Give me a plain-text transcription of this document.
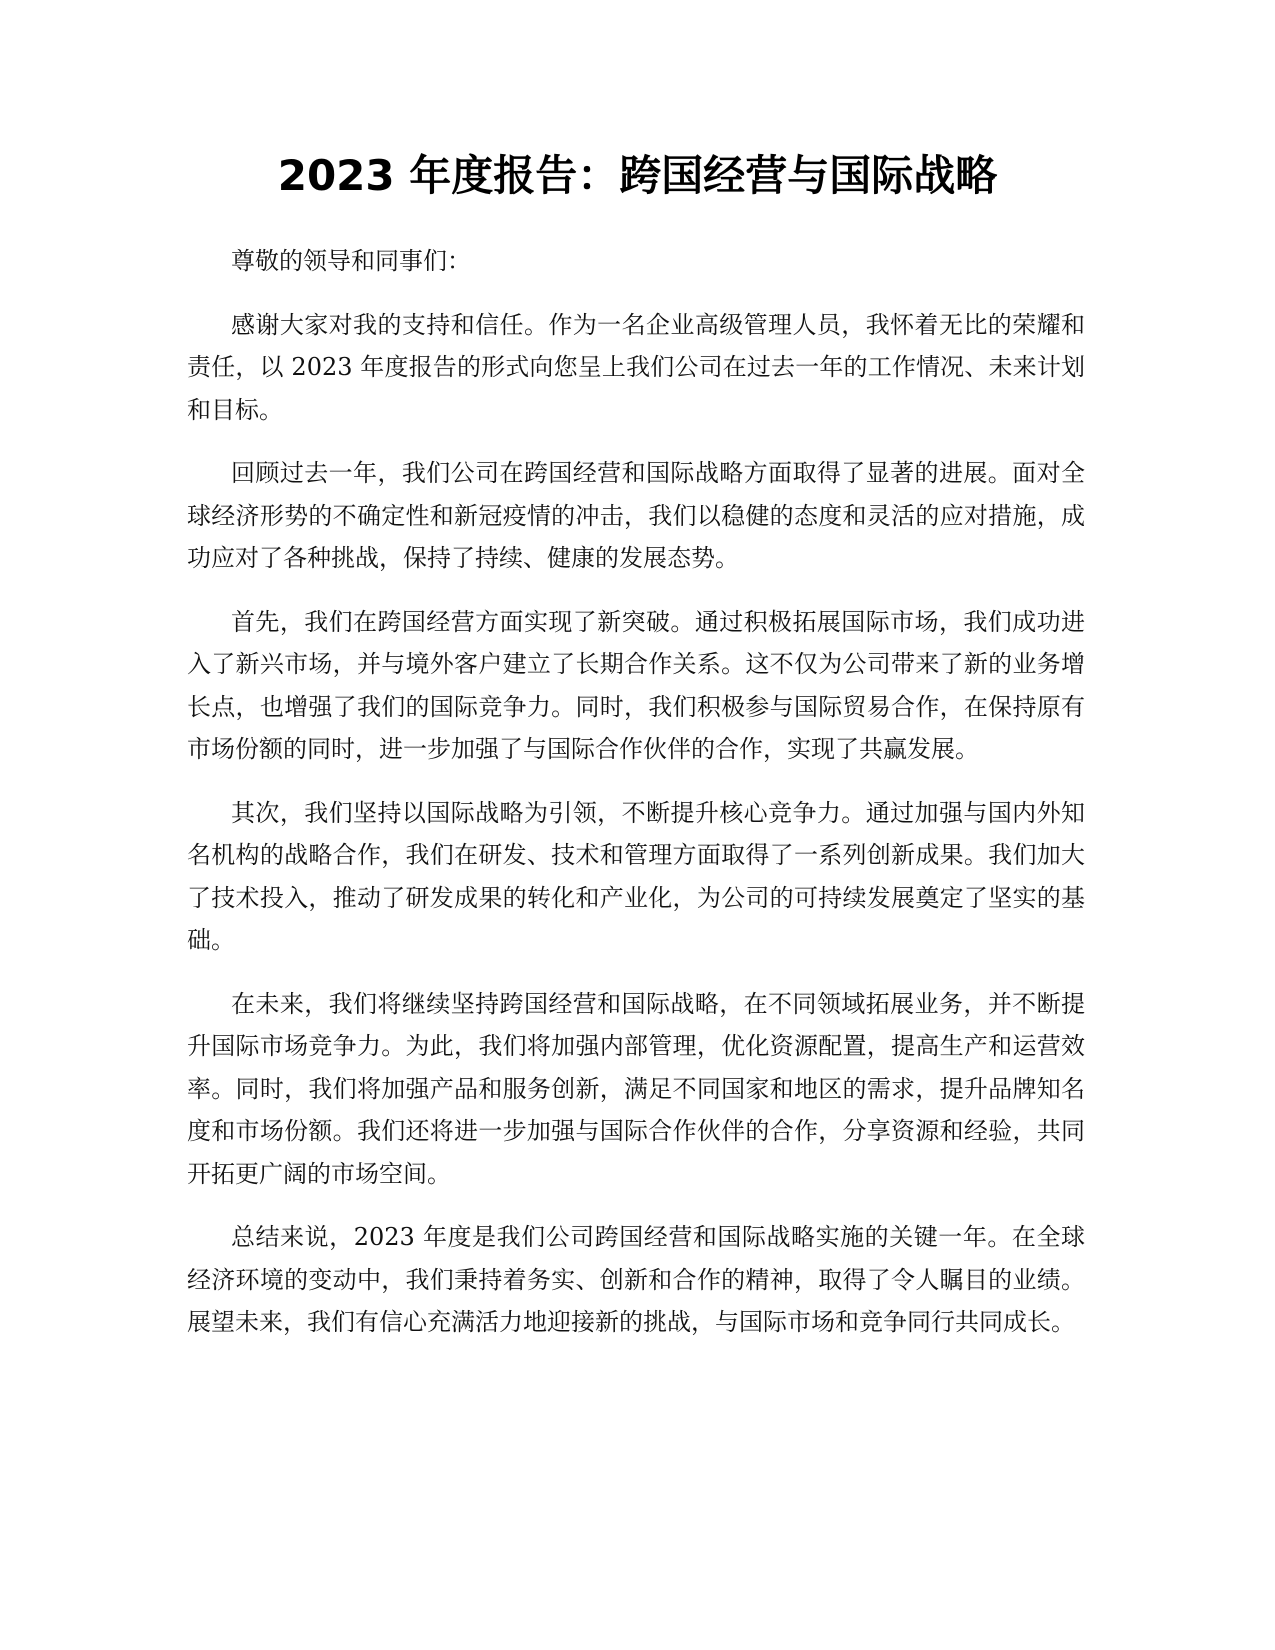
2023 年度报告：跨国经营与国际战略

尊敬的领导和同事们：

感谢大家对我的支持和信任。作为一名企业高级管理人员，我怀着无比的荣耀和责任，以 2023 年度报告的形式向您呈上我们公司在过去一年的工作情况、未来计划和目标。

回顾过去一年，我们公司在跨国经营和国际战略方面取得了显著的进展。面对全球经济形势的不确定性和新冠疫情的冲击，我们以稳健的态度和灵活的应对措施，成功应对了各种挑战，保持了持续、健康的发展态势。

首先，我们在跨国经营方面实现了新突破。通过积极拓展国际市场，我们成功进入了新兴市场，并与境外客户建立了长期合作关系。这不仅为公司带来了新的业务增长点，也增强了我们的国际竞争力。同时，我们积极参与国际贸易合作，在保持原有市场份额的同时，进一步加强了与国际合作伙伴的合作，实现了共赢发展。

其次，我们坚持以国际战略为引领，不断提升核心竞争力。通过加强与国内外知名机构的战略合作，我们在研发、技术和管理方面取得了一系列创新成果。我们加大了技术投入，推动了研发成果的转化和产业化，为公司的可持续发展奠定了坚实的基础。

在未来，我们将继续坚持跨国经营和国际战略，在不同领域拓展业务，并不断提升国际市场竞争力。为此，我们将加强内部管理，优化资源配置，提高生产和运营效率。同时，我们将加强产品和服务创新，满足不同国家和地区的需求，提升品牌知名度和市场份额。我们还将进一步加强与国际合作伙伴的合作，分享资源和经验，共同开拓更广阔的市场空间。

总结来说，2023 年度是我们公司跨国经营和国际战略实施的关键一年。在全球经济环境的变动中，我们秉持着务实、创新和合作的精神，取得了令人瞩目的业绩。展望未来，我们有信心充满活力地迎接新的挑战，与国际市场和竞争同行共同成长。
